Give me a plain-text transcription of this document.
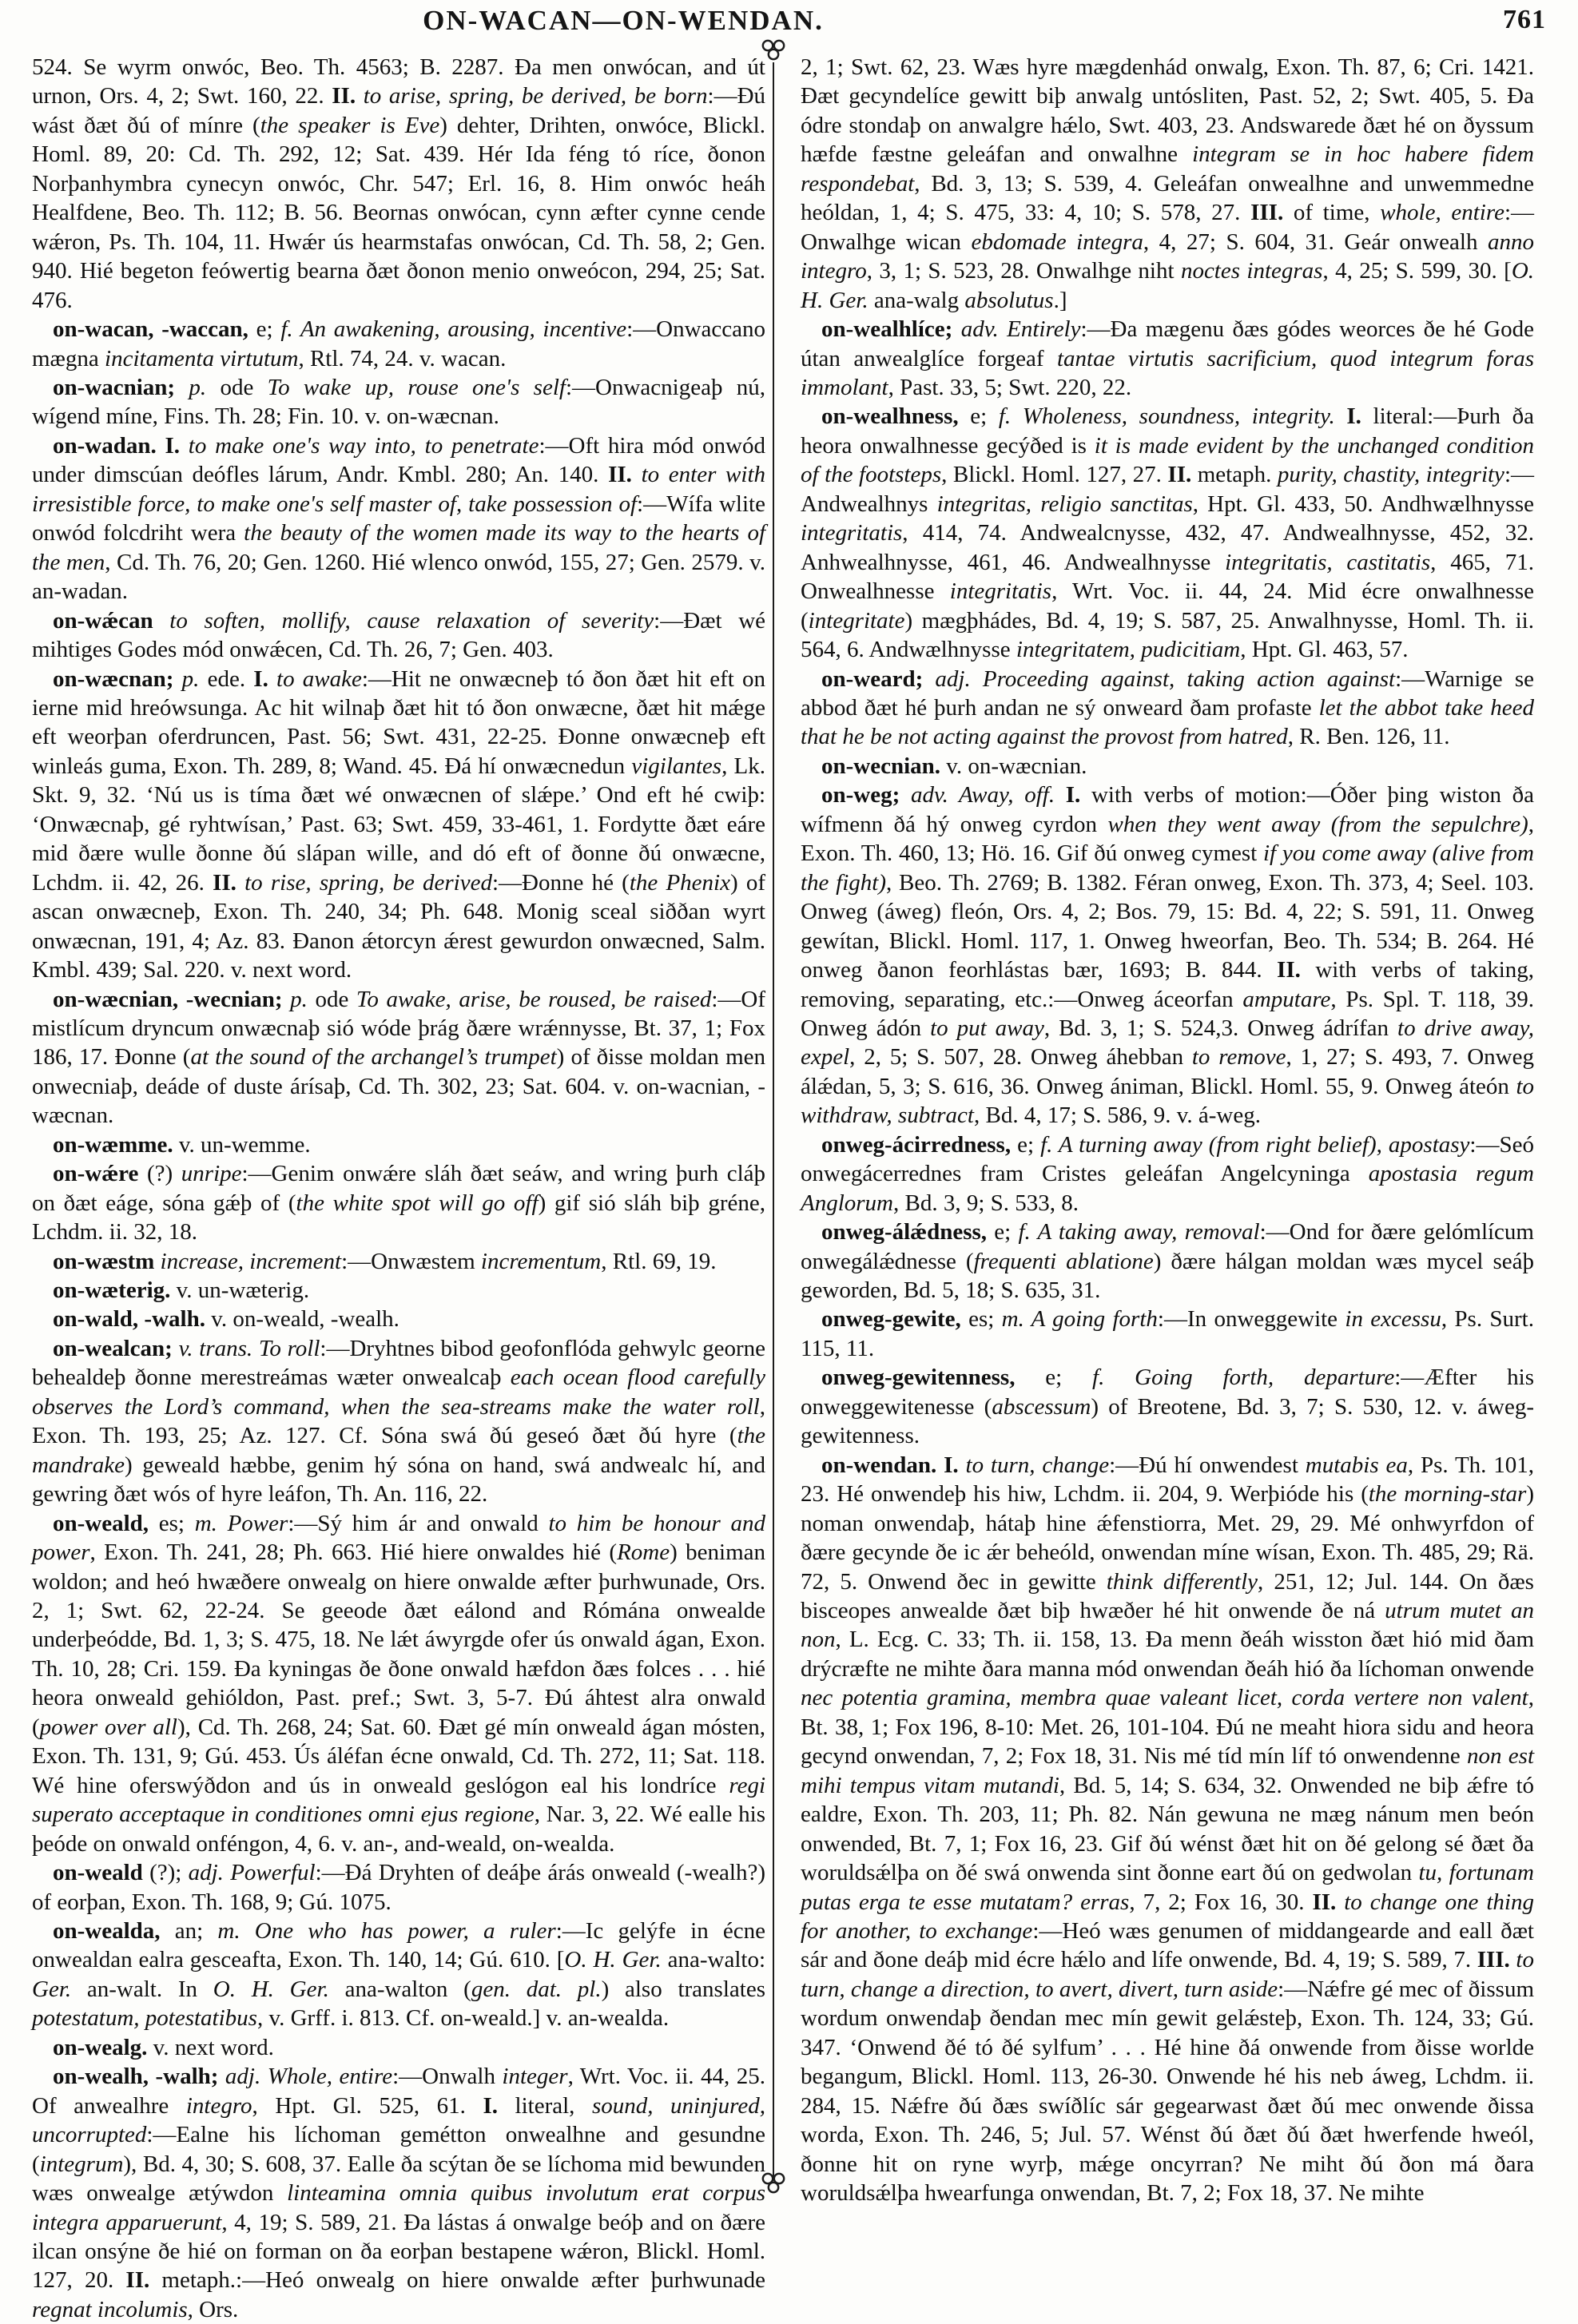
ON-WACAN—ON-WENDAN.	761

524. Se wyrm onwóc, Beo. Th. 4563; B. 2287. Ða men onwócan, and út urnon, Ors. 4, 2; Swt. 160, 22. II. to arise, spring, be derived, be born:—Ðú wást ðæt ðú of mínre (the speaker is Eve) dehter, Drihten, onwóce, Blickl. Homl. 89, 20: Cd. Th. 292, 12; Sat. 439. Hér Ida féng tó ríce, ðonon Norþanhymbra cynecyn onwóc, Chr. 547; Erl. 16, 8. Him onwóc heáh Healfdene, Beo. Th. 112; B. 56. Beornas onwócan, cynn æfter cynne cende wǽron, Ps. Th. 104, 11. Hwǽr ús hearmstafas onwócan, Cd. Th. 58, 2; Gen. 940. Hié begeton feówertig bearna ðæt ðonon menio onweócon, 294, 25; Sat. 476.

on-wacan, -waccan, e; f. An awakening, arousing, incentive:—Onwaccano mægna incitamenta virtutum, Rtl. 74, 24. v. wacan.

on-wacnian; p. ode To wake up, rouse one's self:—Onwacnigeaþ nú, wígend míne, Fins. Th. 28; Fin. 10. v. on-wæcnan.

on-wadan. I. to make one's way into, to penetrate:—Oft hira mód onwód under dimscúan deófles lárum, Andr. Kmbl. 280; An. 140. II. to enter with irresistible force, to make one's self master of, take possession of:—Wífa wlite onwód folcdriht wera the beauty of the women made its way to the hearts of the men, Cd. Th. 76, 20; Gen. 1260. Hié wlenco onwód, 155, 27; Gen. 2579. v. an-wadan.

on-wǽcan to soften, mollify, cause relaxation of severity:—Ðæt wé mihtiges Godes mód onwǽcen, Cd. Th. 26, 7; Gen. 403.

on-wæcnan; p. ede. I. to awake:—Hit ne onwæcneþ tó ðon ðæt hit eft on ierne mid hreówsunga. Ac hit wilnaþ ðæt hit tó ðon onwæcne, ðæt hit mǽge eft weorþan oferdruncen, Past. 56; Swt. 431, 22-25. Ðonne onwæcneþ eft winleás guma, Exon. Th. 289, 8; Wand. 45. Ðá hí onwæcnedun vigilantes, Lk. Skt. 9, 32. ‘Nú us is tíma ðæt wé onwæcnen of slǽpe.’ Ond eft hé cwiþ: ‘Onwæcnaþ, gé ryhtwísan,’ Past. 63; Swt. 459, 33-461, 1. Fordytte ðæt eáre mid ðære wulle ðonne ðú slápan wille, and dó eft of ðonne ðú onwæcne, Lchdm. ii. 42, 26. II. to rise, spring, be derived:—Ðonne hé (the Phenix) of ascan onwæcneþ, Exon. Th. 240, 34; Ph. 648. Monig sceal siððan wyrt onwæcnan, 191, 4; Az. 83. Ðanon ǽtorcyn ǽrest gewurdon onwæcned, Salm. Kmbl. 439; Sal. 220. v. next word.

on-wæcnian, -wecnian; p. ode To awake, arise, be roused, be raised:—Of mistlícum dryncum onwæcnaþ sió wóde þrág ðære wrǽnnysse, Bt. 37, 1; Fox 186, 17. Ðonne (at the sound of the archangel’s trumpet) of ðisse moldan men onwecniaþ, deáde of duste árísaþ, Cd. Th. 302, 23; Sat. 604. v. on-wacnian, -wæcnan.

on-wæmme. v. un-wemme.

on-wǽre (?) unripe:—Genim onwǽre sláh ðæt seáw, and wring þurh cláþ on ðæt eáge, sóna gǽþ of (the white spot will go off) gif sió sláh biþ gréne, Lchdm. ii. 32, 18.

on-wæstm increase, increment:—Onwæstem incrementum, Rtl. 69, 19.

on-wæterig. v. un-wæterig.

on-wald, -walh. v. on-weald, -wealh.

on-wealcan; v. trans. To roll:—Dryhtnes bibod geofonflóda gehwylc georne behealdeþ ðonne merestreámas wæter onwealcaþ each ocean flood carefully observes the Lord’s command, when the sea-streams make the water roll, Exon. Th. 193, 25; Az. 127. Cf. Sóna swá ðú geseó ðæt ðú hyre (the mandrake) geweald hæbbe, genim hý sóna on hand, swá andwealc hí, and gewring ðæt wós of hyre leáfon, Th. An. 116, 22.

on-weald, es; m. Power:—Sý him ár and onwald to him be honour and power, Exon. Th. 241, 28; Ph. 663. Hié hiere onwaldes hié (Rome) beniman woldon; and heó hwæðere onwealg on hiere onwalde æfter þurhwunade, Ors. 2, 1; Swt. 62, 22-24. Se geeode ðæt eálond and Rómána onwealde underþeódde, Bd. 1, 3; S. 475, 18. Ne lǽt áwyrgde ofer ús onwald ágan, Exon. Th. 10, 28; Cri. 159. Ða kyningas ðe ðone onwald hæfdon ðæs folces . . . hié heora onweald gehióldon, Past. pref.; Swt. 3, 5-7. Ðú áhtest alra onwald (power over all), Cd. Th. 268, 24; Sat. 60. Ðæt gé mín onweald ágan mósten, Exon. Th. 131, 9; Gú. 453. Ús áléfan écne onwald, Cd. Th. 272, 11; Sat. 118. Wé hine oferswýðdon and ús in onweald geslógon eal his londríce regi superato acceptaque in conditiones omni ejus regione, Nar. 3, 22. Wé ealle his þeóde on onwald onféngon, 4, 6. v. an-, and-weald, on-wealda.

on-weald (?); adj. Powerful:—Ðá Dryhten of deáþe árás onweald (-wealh?) of eorþan, Exon. Th. 168, 9; Gú. 1075.

on-wealda, an; m. One who has power, a ruler:—Ic gelýfe in écne onwealdan ealra gesceafta, Exon. Th. 140, 14; Gú. 610. [O. H. Ger. ana-walto: Ger. an-walt. In O. H. Ger. ana-walton (gen. dat. pl.) also translates potestatum, potestatibus, v. Grff. i. 813. Cf. on-weald.] v. an-wealda.

on-wealg. v. next word.

on-wealh, -walh; adj. Whole, entire:—Onwalh integer, Wrt. Voc. ii. 44, 25. Of anwealhre integro, Hpt. Gl. 525, 61. I. literal, sound, uninjured, uncorrupted:—Ealne his líchoman gemétton onwealhne and gesundne (integrum), Bd. 4, 30; S. 608, 37. Ealle ða scýtan ðe se líchoma mid bewunden wæs onwealge ætýwdon linteamina omnia quibus involutum erat corpus integra apparuerunt, 4, 19; S. 589, 21. Ða lástas á onwalge beóþ and on ðære ilcan onsýne ðe hié on forman on ða eorþan bestapene wǽron, Blickl. Homl. 127, 20. II. metaph.:—Heó onwealg on hiere onwalde æfter þurhwunade regnat incolumis, Ors.

2, 1; Swt. 62, 23. Wæs hyre mægdenhád onwalg, Exon. Th. 87, 6; Cri. 1421. Ðæt gecyndelíce gewitt biþ anwalg untósliten, Past. 52, 2; Swt. 405, 5. Ða ódre stondaþ on anwalgre hǽlo, Swt. 403, 23. Andswarede ðæt hé on ðyssum hæfde fæstne geleáfan and onwalhne integram se in hoc habere fidem respondebat, Bd. 3, 13; S. 539, 4. Geleáfan onwealhne and unwemmedne heóldan, 1, 4; S. 475, 33: 4, 10; S. 578, 27. III. of time, whole, entire:—Onwalhge wican ebdomade integra, 4, 27; S. 604, 31. Geár onwealh anno integro, 3, 1; S. 523, 28. Onwalhge niht noctes integras, 4, 25; S. 599, 30. [O. H. Ger. ana-walg absolutus.]

on-wealhlíce; adv. Entirely:—Ða mægenu ðæs gódes weorces ðe hé Gode útan anwealglíce forgeaf tantae virtutis sacrificium, quod integrum foras immolant, Past. 33, 5; Swt. 220, 22.

on-wealhness, e; f. Wholeness, soundness, integrity. I. literal:—Þurh ða heora onwalhnesse gecýðed is it is made evident by the unchanged condition of the footsteps, Blickl. Homl. 127, 27. II. metaph. purity, chastity, integrity:—Andwealhnys integritas, religio sanctitas, Hpt. Gl. 433, 50. Andhwælhnysse integritatis, 414, 74. Andwealcnysse, 432, 47. Andwealhnysse, 452, 32. Anhwealhnysse, 461, 46. Andwealhnysse integritatis, castitatis, 465, 71. Onwealhnesse integritatis, Wrt. Voc. ii. 44, 24. Mid écre onwalhnesse (integritate) mægþhádes, Bd. 4, 19; S. 587, 25. Anwalhnysse, Homl. Th. ii. 564, 6. Andwælhnysse integritatem, pudicitiam, Hpt. Gl. 463, 57.

on-weard; adj. Proceeding against, taking action against:—Warnige se abbod ðæt hé þurh andan ne sý onweard ðam profaste let the abbot take heed that he be not acting against the provost from hatred, R. Ben. 126, 11.

on-wecnian. v. on-wæcnian.

on-weg; adv. Away, off. I. with verbs of motion:—Óðer þing wiston ða wífmenn ðá hý onweg cyrdon when they went away (from the sepulchre), Exon. Th. 460, 13; Hö. 16. Gif ðú onweg cymest if you come away (alive from the fight), Beo. Th. 2769; B. 1382. Féran onweg, Exon. Th. 373, 4; Seel. 103. Onweg (áweg) fleón, Ors. 4, 2; Bos. 79, 15: Bd. 4, 22; S. 591, 11. Onweg gewítan, Blickl. Homl. 117, 1. Onweg hweorfan, Beo. Th. 534; B. 264. Hé onweg ðanon feorhlástas bær, 1693; B. 844. II. with verbs of taking, removing, separating, etc.:—Onweg áceorfan amputare, Ps. Spl. T. 118, 39. Onweg ádón to put away, Bd. 3, 1; S. 524,3. Onweg ádrífan to drive away, expel, 2, 5; S. 507, 28. Onweg áhebban to remove, 1, 27; S. 493, 7. Onweg álǽdan, 5, 3; S. 616, 36. Onweg ániman, Blickl. Homl. 55, 9. Onweg áteón to withdraw, subtract, Bd. 4, 17; S. 586, 9. v. á-weg.

onweg-ácirredness, e; f. A turning away (from right belief), apostasy:—Seó onwegácerrednes fram Cristes geleáfan Angelcyninga apostasia regum Anglorum, Bd. 3, 9; S. 533, 8.

onweg-álǽdness, e; f. A taking away, removal:—Ond for ðære gelómlícum onwegálǽdnesse (frequenti ablatione) ðære hálgan moldan wæs mycel seáþ geworden, Bd. 5, 18; S. 635, 31.

onweg-gewite, es; m. A going forth:—In onweggewite in excessu, Ps. Surt. 115, 11.

onweg-gewitenness, e; f. Going forth, departure:—Æfter his onweggewitenesse (abscessum) of Breotene, Bd. 3, 7; S. 530, 12. v. áweg-gewitenness.

on-wendan. I. to turn, change:—Ðú hí onwendest mutabis ea, Ps. Th. 101, 23. Hé onwendeþ his hiw, Lchdm. ii. 204, 9. Werþióde his (the morning-star) noman onwendaþ, hátaþ hine ǽfenstiorra, Met. 29, 29. Mé onhwyrfdon of ðære gecynde ðe ic ǽr beheóld, onwendan míne wísan, Exon. Th. 485, 29; Rä. 72, 5. Onwend ðec in gewitte think differently, 251, 12; Jul. 144. On ðæs bisceopes anwealde ðæt biþ hwæðer hé hit onwende ðe ná utrum mutet an non, L. Ecg. C. 33; Th. ii. 158, 13. Ða menn ðeáh wisston ðæt hió mid ðam drýcræfte ne mihte ðara manna mód onwendan ðeáh hió ða líchoman onwende nec potentia gramina, membra quae valeant licet, corda vertere non valent, Bt. 38, 1; Fox 196, 8-10: Met. 26, 101-104. Ðú ne meaht hiora sidu and heora gecynd onwendan, 7, 2; Fox 18, 31. Nis mé tíd mín líf tó onwendenne non est mihi tempus vitam mutandi, Bd. 5, 14; S. 634, 32. Onwended ne biþ ǽfre tó ealdre, Exon. Th. 203, 11; Ph. 82. Nán gewuna ne mæg nánum men beón onwended, Bt. 7, 1; Fox 16, 23. Gif ðú wénst ðæt hit on ðé gelong sé ðæt ða woruldsǽlþa on ðé swá onwenda sint ðonne eart ðú on gedwolan tu, fortunam putas erga te esse mutatam? erras, 7, 2; Fox 16, 30. II. to change one thing for another, to exchange:—Heó wæs genumen of middangearde and eall ðæt sár and ðone deáþ mid écre hǽlo and lífe onwende, Bd. 4, 19; S. 589, 7. III. to turn, change a direction, to avert, divert, turn aside:—Nǽfre gé mec of ðissum wordum onwendaþ ðendan mec mín gewit gelǽsteþ, Exon. Th. 124, 33; Gú. 347. ‘Onwend ðé tó ðé sylfum’ . . . Hé hine ðá onwende from ðisse worlde begangum, Blickl. Homl. 113, 26-30. Onwende hé his neb áweg, Lchdm. ii. 284, 15. Nǽfre ðú ðæs swíðlíc sár gegearwast ðæt ðú mec onwende ðissa worda, Exon. Th. 246, 5; Jul. 57. Wénst ðú ðæt ðú ðæt hwerfende hweól, ðonne hit on ryne wyrþ, mǽge oncyrran? Ne miht ðú ðon má ðara woruldsǽlþa hwearfunga onwendan, Bt. 7, 2; Fox 18, 37. Ne mihte
